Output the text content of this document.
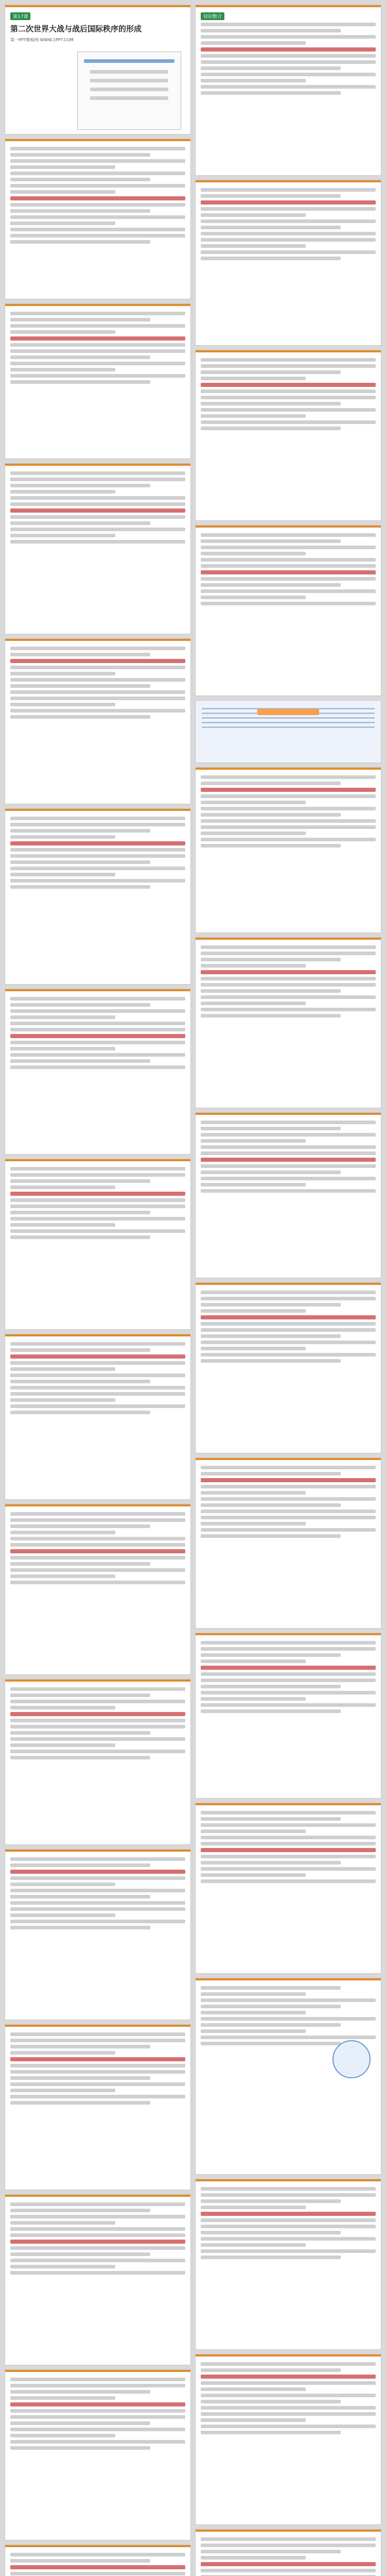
第17课
第二次世界大战与战后国际秩序的形成
第一PPT模板网-WWW.1PPT.COM
知识整合
